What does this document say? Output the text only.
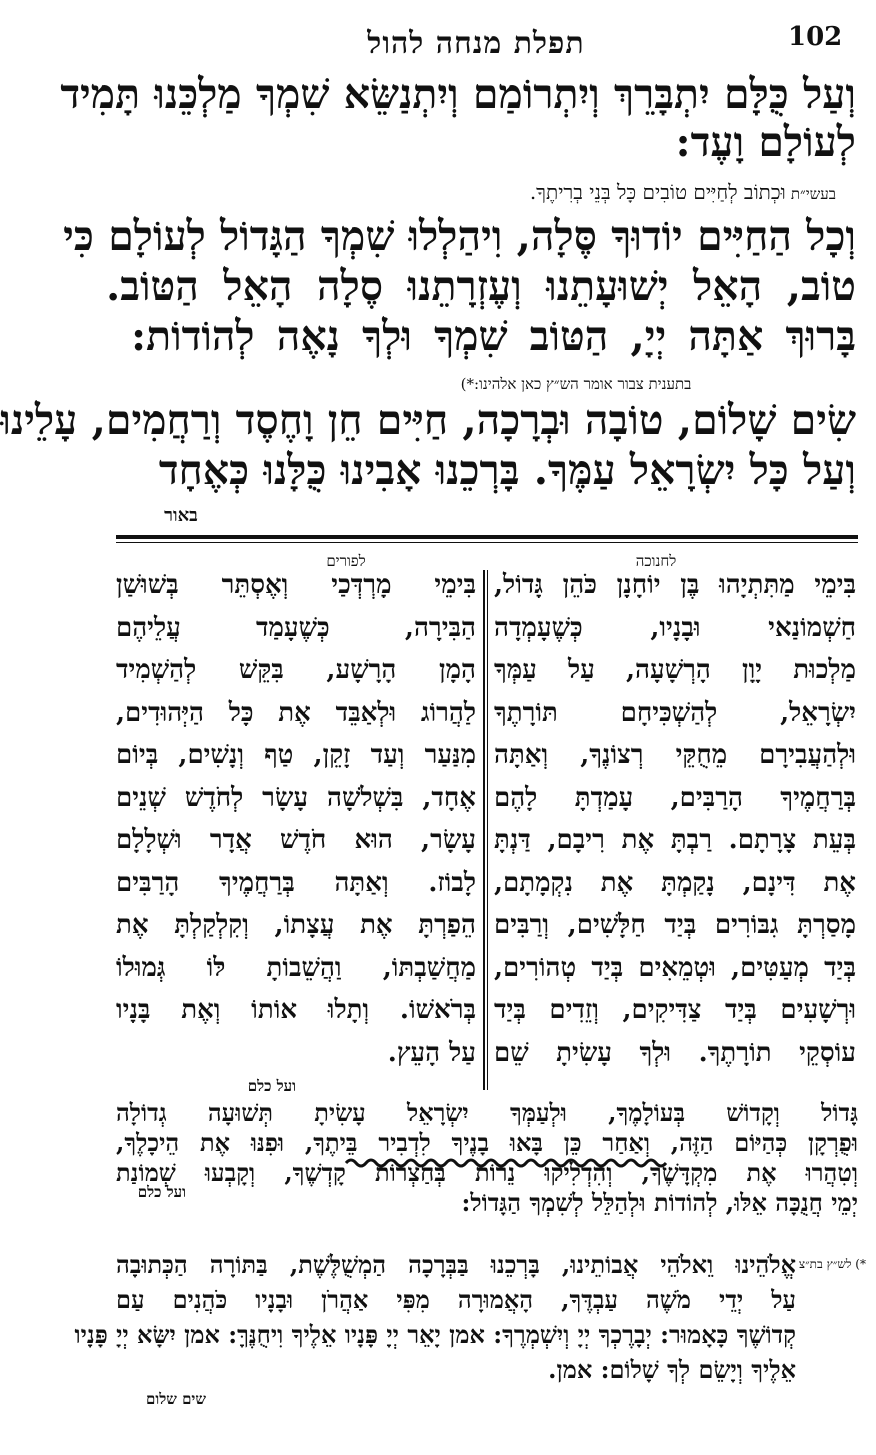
תפלת מנחה להול	102
וְעַל כֻּלָּם יִתְבָּרֵךְ וְיִתְרוֹמַם וְיִתְנַשֵּׂא שִׁמְךָ מַלְכֵּנוּ תָּמִיד
לְעוֹלָם וָעֶד:
בעשי״ת וּכְתוֹב לְחַיִּים טוֹבִים כָּל בְּנֵי בְרִיתֶךָ.
וְכָל הַחַיִּים יוֹדוּךָ סֶּלָה, וִיהַלְלוּ שִׁמְךָ הַגָּדוֹל לְעוֹלָם כִּי
טוֹב, הָאֵל יְשׁוּעָתֵנוּ וְעֶזְרָתֵנוּ סֶלָה הָאֵל הַטּוֹב.
בָּרוּךְ אַתָּה יְיָ, הַטּוֹב שִׁמְךָ וּלְךָ נָאֶה לְהוֹדוֹת:
בתענית צבור אומר הש״ץ כאן אלהינו:*)
שִׂים שָׁלוֹם, טוֹבָה וּבְרָכָה, חַיִּים חֵן וָחֶסֶד וְרַחֲמִים, עָלֵינוּ
וְעַל כָּל יִשְׂרָאֵל עַמֶּךָ. בָּרְכֵנוּ אָבִינוּ כֻּלָּנוּ כְּאֶחָד
באור
לחנוכה
לפורים
בִּימֵי מַתִּתְיָהוּ בֶּן יוֹחָנָן כֹּהֵן גָּדוֹל,
חַשְׁמוֹנַאי וּבָנָיו, כְּשֶׁעָמְדָה
מַלְכוּת יָוָן הָרְשָׁעָה, עַל עַמְּךָ
יִשְׂרָאֵל, לְהַשְׁכִּיחָם תּוֹרָתֶךָ
וּלְהַעֲבִירָם מֵחֻקֵּי רְצוֹנֶךָ, וְאַתָּה
בְּרַחֲמֶיךָ הָרַבִּים, עָמַדְתָּ לָהֶם
בְּעֵת צָרָתָם. רַבְתָּ אֶת רִיבָם, דַּנְתָּ
אֶת דִּינָם, נָקַמְתָּ אֶת נִקְמָתָם,
מָסַרְתָּ גִבּוֹרִים בְּיַד חַלָּשִׁים, וְרַבִּים
בְּיַד מְעַטִּים, וּטְמֵאִים בְּיַד טְהוֹרִים,
וּרְשָׁעִים בְּיַד צַדִּיקִים, וְזֵדִים בְּיַד
עוֹסְקֵי תוֹרָתֶךָ. וּלְךָ עָשִׂיתָ שֵׁם
בִּימֵי מָרְדְּכַי וְאֶסְתֵּר בְּשׁוּשַׁן
הַבִּירָה, כְּשֶׁעָמַד עֲלֵיהֶם
הָמָן הָרָשָׁע, בִּקֵּשׁ לְהַשְׁמִיד
לַהֲרוֹג וּלְאַבֵּד אֶת כָּל הַיְּהוּדִים,
מִנַּעַר וְעַד זָקֵן, טַף וְנָשִׁים, בְּיוֹם
אֶחָד, בִּשְׁלֹשָׁה עָשָׂר לְחֹדֶשׁ שְׁנֵים
עָשָׂר, הוּא חֹדֶשׁ אֲדָר וּשְׁלָלָם
לָבוֹז. וְאַתָּה בְּרַחֲמֶיךָ הָרַבִּים
הֵפַרְתָּ אֶת עֲצָתוֹ, וְקִלְקַלְתָּ אֶת
מַחֲשַׁבְתּוֹ, וַהֲשֵׁבוֹתָ לּוֹ גְּמוּלוֹ
בְּרֹאשׁוֹ. וְתָלוּ אוֹתוֹ וְאֶת בָּנָיו
עַל הָעֵץ.
ועל כלם
גָּדוֹל וְקָדוֹשׁ בְּעוֹלָמֶךָ, וּלְעַמְּךָ יִשְׂרָאֵל עָשִׂיתָ תְּשׁוּעָה גְדוֹלָה
וּפֻרְקָן כְּהַיּוֹם הַזֶּה, וְאַחַר כֵּן בָּאוּ בָנֶיךָ לִדְבִיר בֵּיתֶךָ, וּפִנּוּ אֶת הֵיכָלֶךָ,
וְטִהֲרוּ אֶת מִקְדָּשֶׁךָ, וְהִדְלִיקוּ נֵרוֹת בְּחַצְרוֹת קָדְשֶׁךָ, וְקָבְעוּ שְׁמוֹנַת
יְמֵי חֲנֻכָּה אֵלּוּ, לְהוֹדוֹת וּלְהַלֵּל לְשִׁמְךָ הַגָּדוֹל:
ועל כלם
*) לש״ץ בת״צ
אֱלֹהֵינוּ וֵאלֹהֵי אֲבוֹתֵינוּ, בָּרְכֵנוּ בַּבְּרָכָה הַמְשֻׁלֶּשֶׁת, בַּתּוֹרָה הַכְּתוּבָה
עַל יְדֵי מֹשֶׁה עַבְדֶּךָ, הָאֲמוּרָה מִפִּי אַהֲרֹן וּבָנָיו כֹּהֲנִים עַם
קְדוֹשֶׁךָ כָּאָמוּר: יְבָרֶכְךָ יְיָ וְיִשְׁמְרֶךָ: אמן יָאֵר יְיָ פָּנָיו אֵלֶיךָ וִיחֻנֶּךָּ: אמן יִשָּׂא יְיָ פָּנָיו
אֵלֶיךָ וְיָשֵׂם לְךָ שָׁלוֹם: אמן.
שים שלום
